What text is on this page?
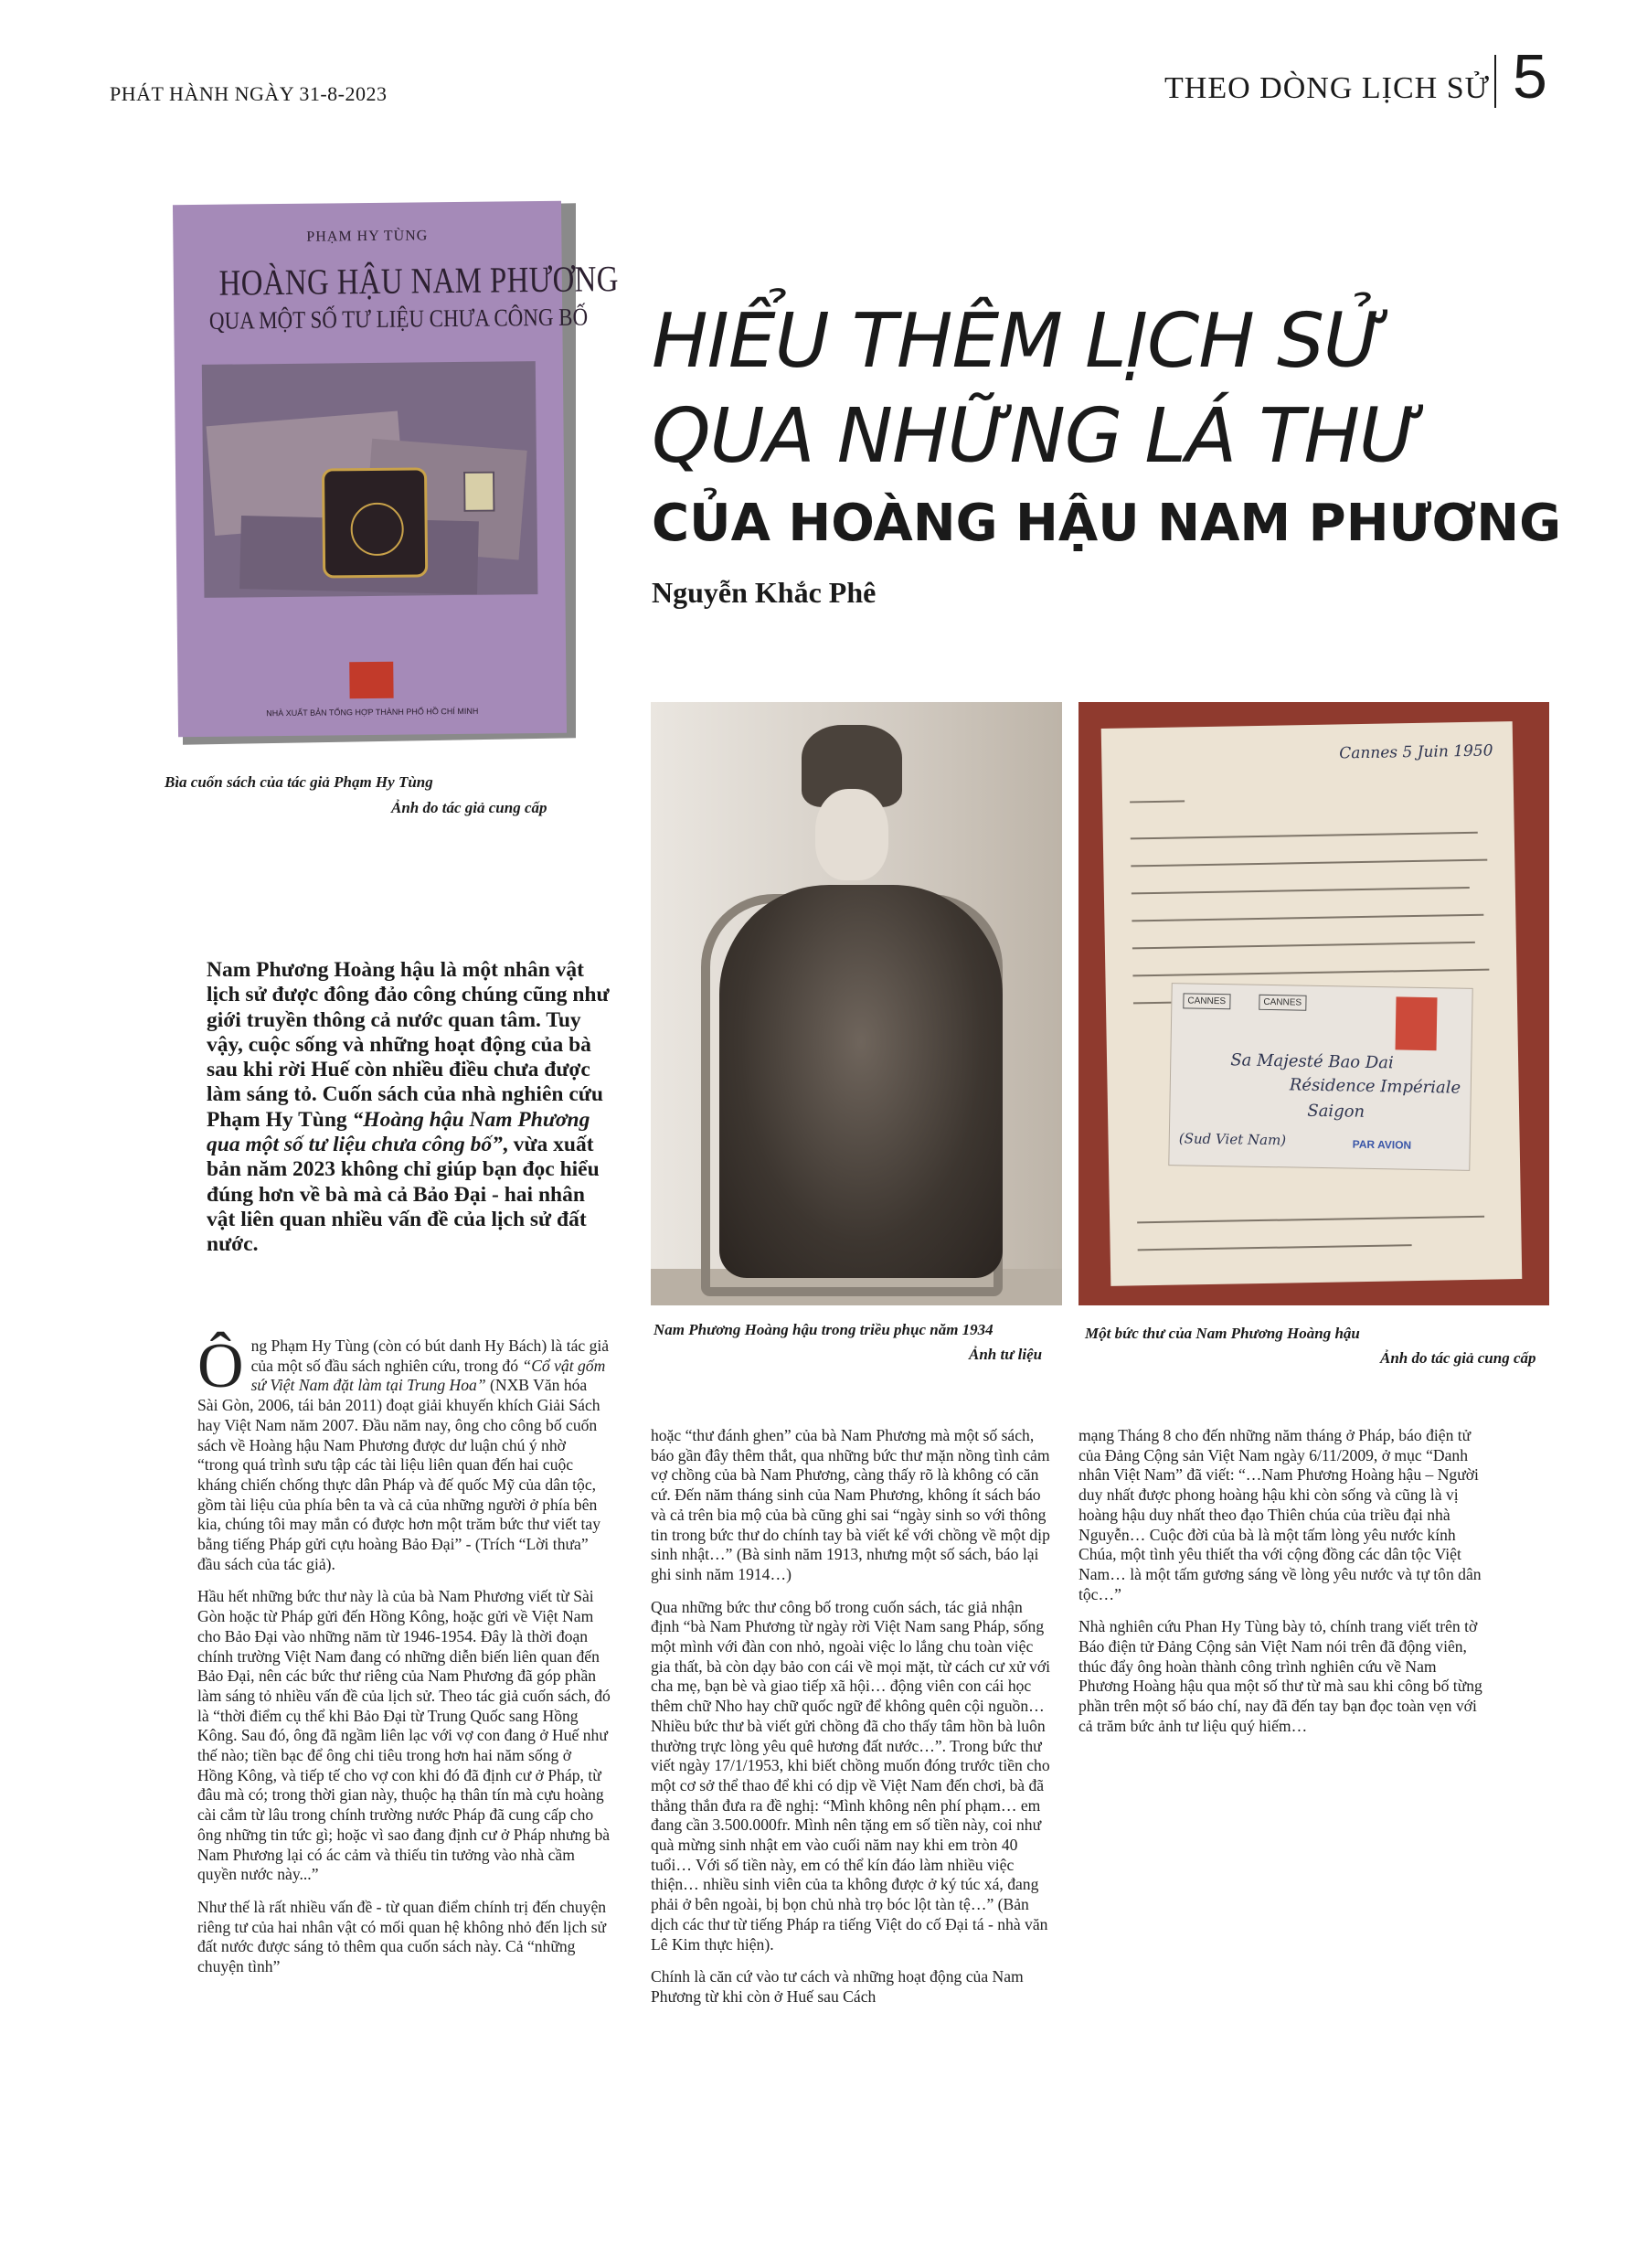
PHÁT HÀNH NGÀY 31-8-2023	THEO DÒNG LỊCH SỬ 5
PHẠM HY TÙNG
HOÀNG HẬU NAM PHƯƠNG
QUA MỘT SỐ TƯ LIỆU CHƯA CÔNG BỐ
NHÀ XUẤT BẢN TỔNG HỢP THÀNH PHỐ HỒ CHÍ MINH
Bìa cuốn sách của tác giả Phạm Hy Tùng
Ảnh do tác giả cung cấp
HIỂU THÊM LỊCH SỬ
QUA NHỮNG LÁ THƯ
CỦA HOÀNG HẬU NAM PHƯƠNG
Nguyễn Khắc Phê
Nam Phương Hoàng hậu trong triều phục năm 1934
Ảnh tư liệu
Cannes 5 Juin 1950
CANNES	CANNES
Sa Majesté Bao Dai
Résidence Impériale
Saigon
(Sud Viet Nam)	PAR AVION
Một bức thư của Nam Phương Hoàng hậu
Ảnh do tác giả cung cấp
Nam Phương Hoàng hậu là một nhân vật lịch sử được đông đảo công chúng cũng như giới truyền thông cả nước quan tâm. Tuy vậy, cuộc sống và những hoạt động của bà sau khi rời Huế còn nhiều điều chưa được làm sáng tỏ. Cuốn sách của nhà nghiên cứu Phạm Hy Tùng “Hoàng hậu Nam Phương qua một số tư liệu chưa công bố”, vừa xuất bản năm 2023 không chỉ giúp bạn đọc hiểu đúng hơn về bà mà cả Bảo Đại - hai nhân vật liên quan nhiều vấn đề của lịch sử đất nước.

Ông Phạm Hy Tùng (còn có bút danh Hy Bách) là tác giả của một số đầu sách nghiên cứu, trong đó “Cổ vật gốm sứ Việt Nam đặt làm tại Trung Hoa” (NXB Văn hóa Sài Gòn, 2006, tái bản 2011) đoạt giải khuyến khích Giải Sách hay Việt Nam năm 2007. Đầu năm nay, ông cho công bố cuốn sách về Hoàng hậu Nam Phương được dư luận chú ý nhờ “trong quá trình sưu tập các tài liệu liên quan đến hai cuộc kháng chiến chống thực dân Pháp và đế quốc Mỹ của dân tộc, gồm tài liệu của phía bên ta và cả của những người ở phía bên kia, chúng tôi may mắn có được hơn một trăm bức thư viết tay bằng tiếng Pháp gửi cựu hoàng Bảo Đại” - (Trích “Lời thưa” đầu sách của tác giả).

Hầu hết những bức thư này là của bà Nam Phương viết từ Sài Gòn hoặc từ Pháp gửi đến Hồng Kông, hoặc gửi về Việt Nam cho Bảo Đại vào những năm từ 1946-1954. Đây là thời đoạn chính trường Việt Nam đang có những diễn biến liên quan đến Bảo Đại, nên các bức thư riêng của Nam Phương đã góp phần làm sáng tỏ nhiều vấn đề của lịch sử. Theo tác giả cuốn sách, đó là “thời điểm cụ thể khi Bảo Đại từ Trung Quốc sang Hồng Kông. Sau đó, ông đã ngầm liên lạc với vợ con đang ở Huế như thế nào; tiền bạc để ông chi tiêu trong hơn hai năm sống ở Hồng Kông, và tiếp tế cho vợ con khi đó đã định cư ở Pháp, từ đâu mà có; trong thời gian này, thuộc hạ thân tín mà cựu hoàng cài cắm từ lâu trong chính trường nước Pháp đã cung cấp cho ông những tin tức gì; hoặc vì sao đang định cư ở Pháp nhưng bà Nam Phương lại có ác cảm và thiếu tin tưởng vào nhà cầm quyền nước này...”

Như thế là rất nhiều vấn đề - từ quan điểm chính trị đến chuyện riêng tư của hai nhân vật có mối quan hệ không nhỏ đến lịch sử đất nước được sáng tỏ thêm qua cuốn sách này. Cả “những chuyện tình”

hoặc “thư đánh ghen” của bà Nam Phương mà một số sách, báo gần đây thêm thắt, qua những bức thư mặn nồng tình cảm vợ chồng của bà Nam Phương, càng thấy rõ là không có căn cứ. Đến năm tháng sinh của Nam Phương, không ít sách báo và cả trên bia mộ của bà cũng ghi sai “ngày sinh so với thông tin trong bức thư do chính tay bà viết kể với chồng về một dịp sinh nhật…” (Bà sinh năm 1913, nhưng một số sách, báo lại ghi sinh năm 1914…)

Qua những bức thư công bố trong cuốn sách, tác giả nhận định “bà Nam Phương từ ngày rời Việt Nam sang Pháp, sống một mình với đàn con nhỏ, ngoài việc lo lắng chu toàn việc gia thất, bà còn dạy bảo con cái về mọi mặt, từ cách cư xử với cha mẹ, bạn bè và giao tiếp xã hội… động viên con cái học thêm chữ Nho hay chữ quốc ngữ để không quên cội nguồn… Nhiều bức thư bà viết gửi chồng đã cho thấy tâm hồn bà luôn thường trực lòng yêu quê hương đất nước…”. Trong bức thư viết ngày 17/1/1953, khi biết chồng muốn đóng trước tiền cho một cơ sở thể thao để khi có dịp về Việt Nam đến chơi, bà đã thẳng thắn đưa ra đề nghị: “Mình không nên phí phạm… em đang cần 3.500.000fr. Mình nên tặng em số tiền này, coi như quà mừng sinh nhật em vào cuối năm nay khi em tròn 40 tuổi… Với số tiền này, em có thể kín đáo làm nhiều việc thiện… nhiều sinh viên của ta không được ở ký túc xá, đang phải ở bên ngoài, bị bọn chủ nhà trọ bóc lột tàn tệ…” (Bản dịch các thư từ tiếng Pháp ra tiếng Việt do cố Đại tá - nhà văn Lê Kim thực hiện).

Chính là căn cứ vào tư cách và những hoạt động của Nam Phương từ khi còn ở Huế sau Cách

mạng Tháng 8 cho đến những năm tháng ở Pháp, báo điện tử của Đảng Cộng sản Việt Nam ngày 6/11/2009, ở mục “Danh nhân Việt Nam” đã viết: “…Nam Phương Hoàng hậu – Người duy nhất được phong hoàng hậu khi còn sống và cũng là vị hoàng hậu duy nhất theo đạo Thiên chúa của triều đại nhà Nguyễn… Cuộc đời của bà là một tấm lòng yêu nước kính Chúa, một tình yêu thiết tha với cộng đồng các dân tộc Việt Nam… là một tấm gương sáng về lòng yêu nước và tự tôn dân tộc…”

Nhà nghiên cứu Phan Hy Tùng bày tỏ, chính trang viết trên tờ Báo điện tử Đảng Cộng sản Việt Nam nói trên đã động viên, thúc đẩy ông hoàn thành công trình nghiên cứu về Nam Phương Hoàng hậu qua một số thư từ mà sau khi công bố từng phần trên một số báo chí, nay đã đến tay bạn đọc toàn vẹn với cả trăm bức ảnh tư liệu quý hiếm…
